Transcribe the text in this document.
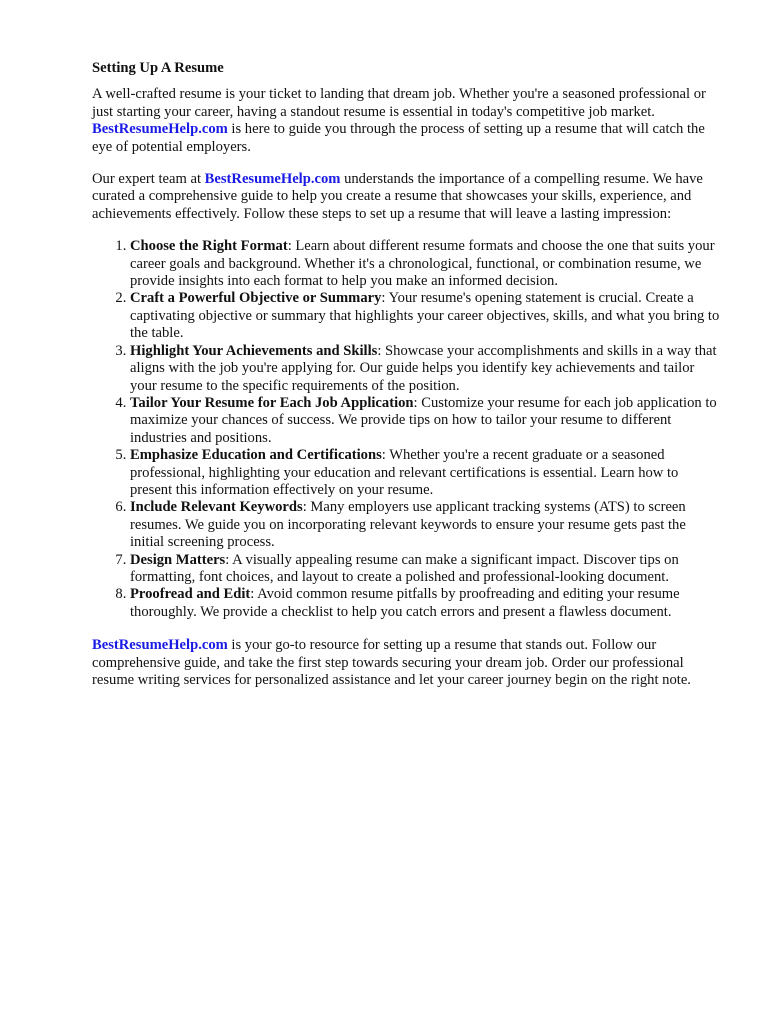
Setting Up A Resume

A well-crafted resume is your ticket to landing that dream job. Whether you're a seasoned professional or just starting your career, having a standout resume is essential in today's competitive job market. BestResumeHelp.com is here to guide you through the process of setting up a resume that will catch the eye of potential employers.

Our expert team at BestResumeHelp.com understands the importance of a compelling resume. We have curated a comprehensive guide to help you create a resume that showcases your skills, experience, and achievements effectively. Follow these steps to set up a resume that will leave a lasting impression:

1. Choose the Right Format: Learn about different resume formats and choose the one that suits your career goals and background. Whether it's a chronological, functional, or combination resume, we provide insights into each format to help you make an informed decision.
2. Craft a Powerful Objective or Summary: Your resume's opening statement is crucial. Create a captivating objective or summary that highlights your career objectives, skills, and what you bring to the table.
3. Highlight Your Achievements and Skills: Showcase your accomplishments and skills in a way that aligns with the job you're applying for. Our guide helps you identify key achievements and tailor your resume to the specific requirements of the position.
4. Tailor Your Resume for Each Job Application: Customize your resume for each job application to maximize your chances of success. We provide tips on how to tailor your resume to different industries and positions.
5. Emphasize Education and Certifications: Whether you're a recent graduate or a seasoned professional, highlighting your education and relevant certifications is essential. Learn how to present this information effectively on your resume.
6. Include Relevant Keywords: Many employers use applicant tracking systems (ATS) to screen resumes. We guide you on incorporating relevant keywords to ensure your resume gets past the initial screening process.
7. Design Matters: A visually appealing resume can make a significant impact. Discover tips on formatting, font choices, and layout to create a polished and professional-looking document.
8. Proofread and Edit: Avoid common resume pitfalls by proofreading and editing your resume thoroughly. We provide a checklist to help you catch errors and present a flawless document.

BestResumeHelp.com is your go-to resource for setting up a resume that stands out. Follow our comprehensive guide, and take the first step towards securing your dream job. Order our professional resume writing services for personalized assistance and let your career journey begin on the right note.
